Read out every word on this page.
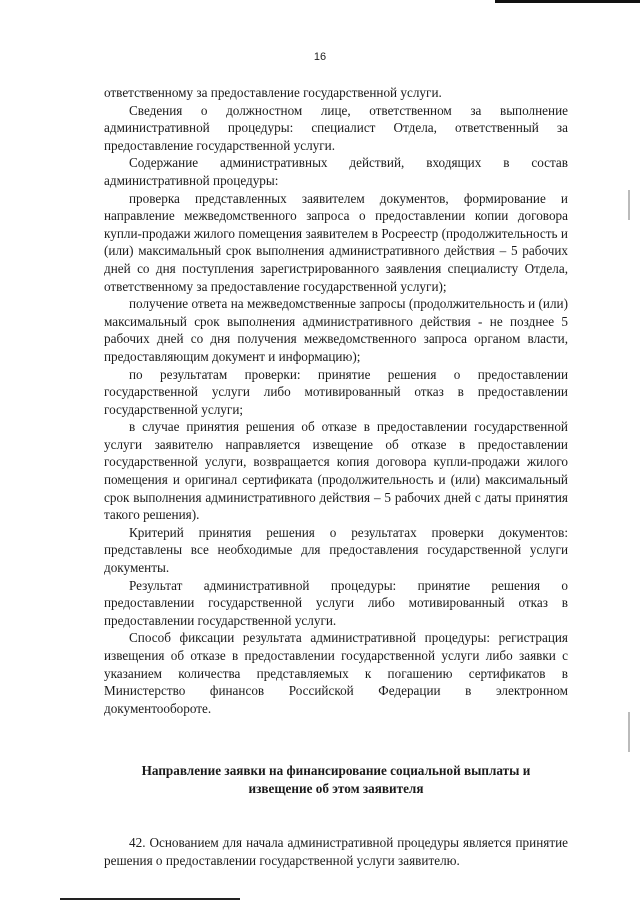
16

ответственному за предоставление государственной услуги.

Сведения о должностном лице, ответственном за выполнение административной процедуры: специалист Отдела, ответственный за предоставление государственной услуги.

Содержание административных действий, входящих в состав административной процедуры:

проверка представленных заявителем документов, формирование и направление межведомственного запроса о предоставлении копии договора купли-продажи жилого помещения заявителем в Росреестр (продолжительность и (или) максимальный срок выполнения административного действия – 5 рабочих дней со дня поступления зарегистрированного заявления специалисту Отдела, ответственному за предоставление государственной услуги);

получение ответа на межведомственные запросы (продолжительность и (или) максимальный срок выполнения административного действия - не позднее 5 рабочих дней со дня получения межведомственного запроса органом власти, предоставляющим документ и информацию);

по результатам проверки: принятие решения о предоставлении государственной услуги либо мотивированный отказ в предоставлении государственной услуги;

в случае принятия решения об отказе в предоставлении государственной услуги заявителю направляется извещение об отказе в предоставлении государственной услуги, возвращается копия договора купли-продажи жилого помещения и оригинал сертификата (продолжительность и (или) максимальный срок выполнения административного действия – 5 рабочих дней с даты принятия такого решения).

Критерий принятия решения о результатах проверки документов: представлены все необходимые для предоставления государственной услуги документы.

Результат административной процедуры: принятие решения о предоставлении государственной услуги либо мотивированный отказ в предоставлении государственной услуги.

Способ фиксации результата административной процедуры: регистрация извещения об отказе в предоставлении государственной услуги либо заявки с указанием количества представляемых к погашению сертификатов в Министерство финансов Российской Федерации в электронном документообороте.

Направление заявки на финансирование социальной выплаты и
извещение об этом заявителя

42. Основанием для начала административной процедуры является принятие решения о предоставлении государственной услуги заявителю.
